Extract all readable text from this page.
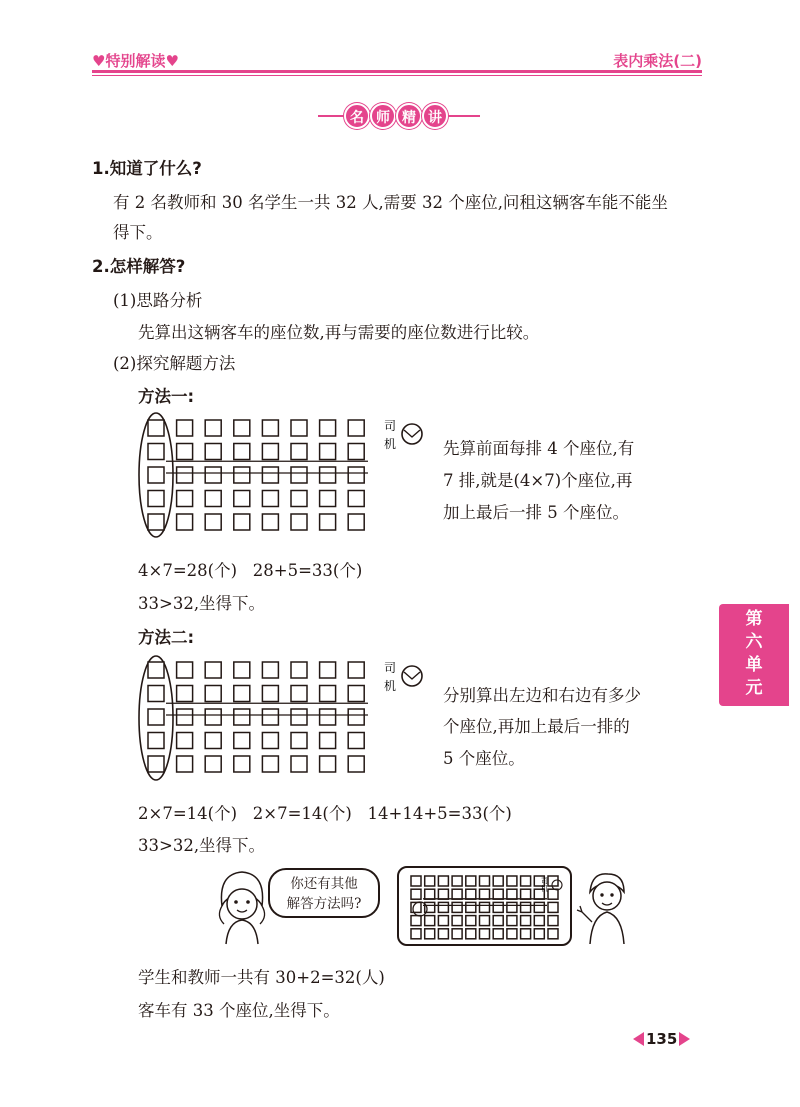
♥特别解读♥	表内乘法(二)
名 师 精 讲
1.知道了什么?
有 2 名教师和 30 名学生一共 32 人,需要 32 个座位,问租这辆客车能不能坐
得下。
2.怎样解答?
(1)思路分析
先算出这辆客车的座位数,再与需要的座位数进行比较。
(2)探究解题方法
方法一:
司
机	先算前面每排 4 个座位,有
7 排,就是(4×7)个座位,再
加上最后一排 5 个座位。
4×7=28(个)   28+5=33(个)
33>32,坐得下。
方法二:
司
机	分别算出左边和右边有多少
个座位,再加上最后一排的
5 个座位。
2×7=14(个)   2×7=14(个)   14+14+5=33(个)
33>32,坐得下。
你还有其他
解答方法吗?
司
机
学生和教师一共有 30+2=32(人)
客车有 33 个座位,坐得下。
第
六
单
元
135
